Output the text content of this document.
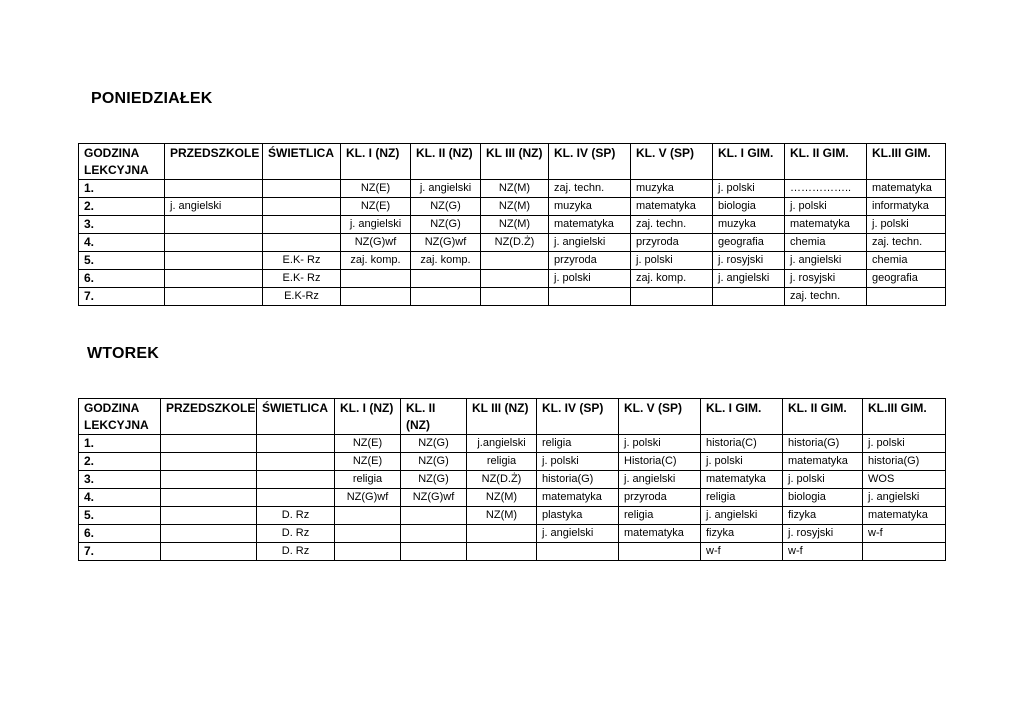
PONIEDZIAŁEK
GODZINA LEKCYJNA	PRZEDSZKOLE	ŚWIETLICA	KL. I (NZ)	KL. II (NZ)	KL III (NZ)	KL. IV (SP)	KL. V (SP)	KL. I GIM.	KL. II GIM.	KL.III GIM.
1.			NZ(E)	j. angielski	NZ(M)	zaj. techn.	muzyka	j. polski	……………..	matematyka
2.	j. angielski		NZ(E)	NZ(G)	NZ(M)	muzyka	matematyka	biologia	j. polski	informatyka
3.			j. angielski	NZ(G)	NZ(M)	matematyka	zaj. techn.	muzyka	matematyka	j. polski
4.			NZ(G)wf	NZ(G)wf	NZ(D.Ż)	j. angielski	przyroda	geografia	chemia	zaj. techn.
5.		E.K- Rz	zaj. komp.	zaj. komp.		przyroda	j. polski	j. rosyjski	j. angielski	chemia
6.		E.K- Rz				j. polski	zaj. komp.	j. angielski	j. rosyjski	geografia
7.		E.K-Rz							zaj. techn.	
WTOREK
GODZINA LEKCYJNA	PRZEDSZKOLE	ŚWIETLICA	KL. I (NZ)	KL. II (NZ)	KL III (NZ)	KL. IV (SP)	KL. V (SP)	KL. I GIM.	KL. II GIM.	KL.III GIM.
1.			NZ(E)	NZ(G)	j.angielski	religia	j. polski	historia(C)	historia(G)	j. polski
2.			NZ(E)	NZ(G)	religia	j. polski	Historia(C)	j. polski	matematyka	historia(G)
3.			religia	NZ(G)	NZ(D.Ż)	historia(G)	j. angielski	matematyka	j. polski	WOS
4.			NZ(G)wf	NZ(G)wf	NZ(M)	matematyka	przyroda	religia	biologia	j. angielski
5.		D. Rz			NZ(M)	plastyka	religia	j. angielski	fizyka	matematyka
6.		D. Rz				j. angielski	matematyka	fizyka	j. rosyjski	w-f
7.		D. Rz						w-f	w-f	
